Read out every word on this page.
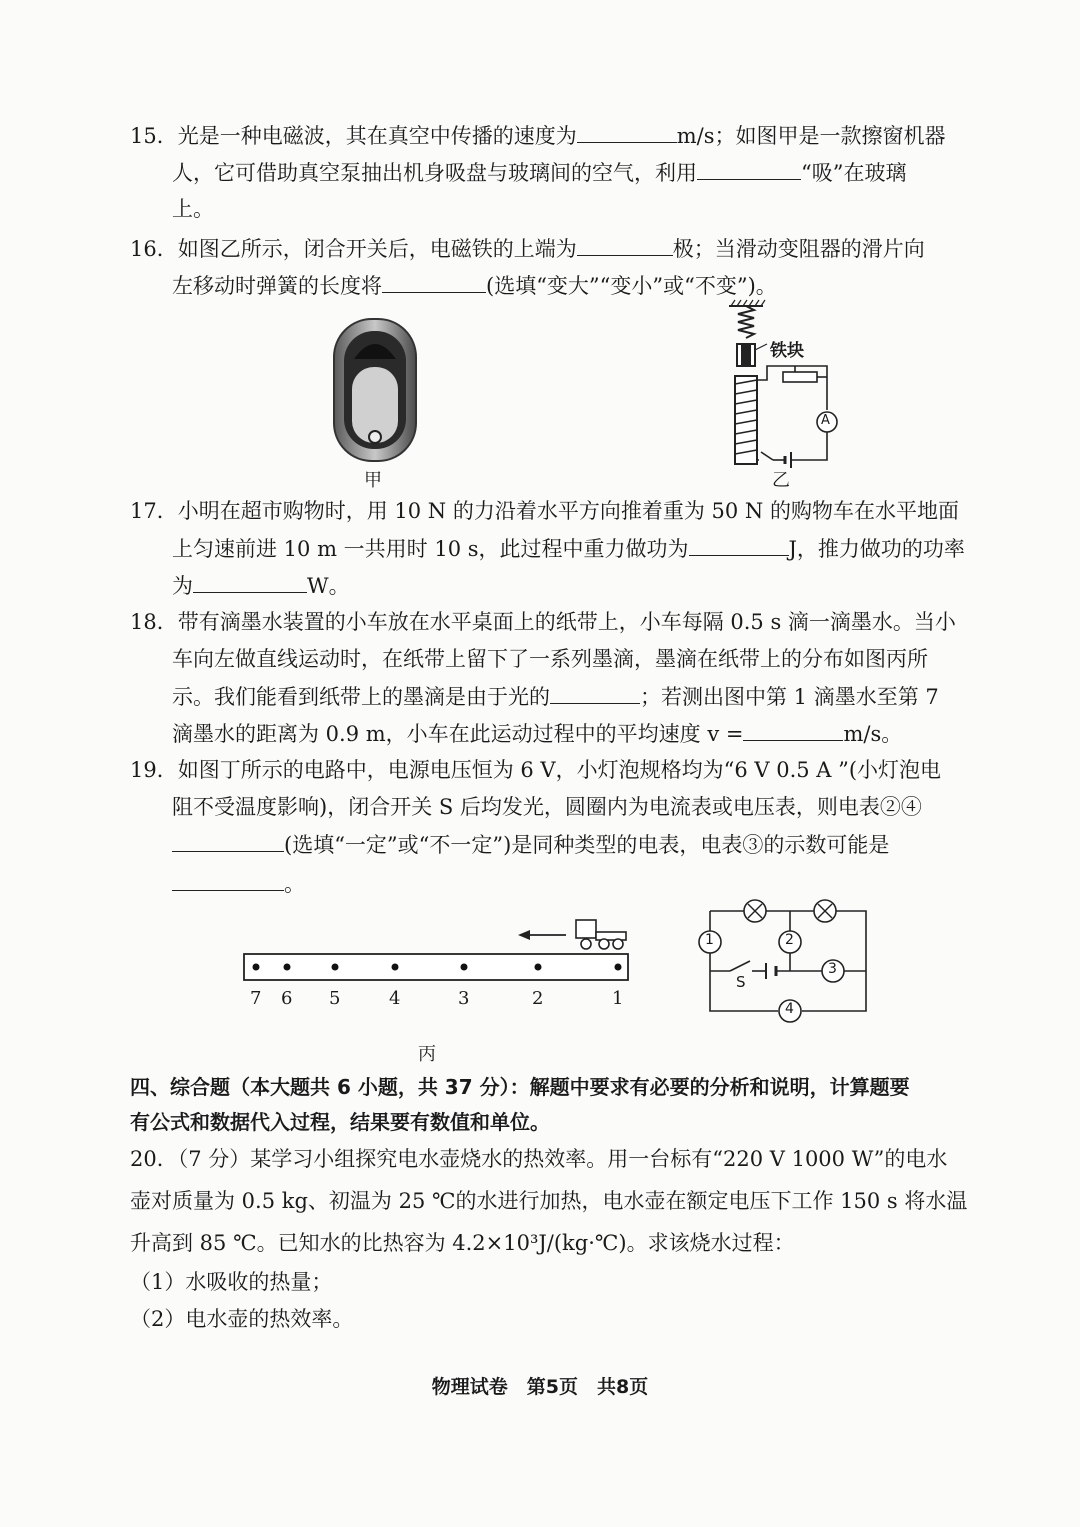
15．光是一种电磁波，其在真空中传播的速度为	m/s；如图甲是一款擦窗机器
人，它可借助真空泵抽出机身吸盘与玻璃间的空气，利用	“吸”在玻璃
上。
16．如图乙所示，闭合开关后，电磁铁的上端为	极；当滑动变阻器的滑片向
左移动时弹簧的长度将	(选填“变大”“变小”或“不变”)。
甲
铁块
A
乙
17．小明在超市购物时，用 10 N 的力沿着水平方向推着重为 50 N 的购物车在水平地面
上匀速前进 10 m 一共用时 10 s，此过程中重力做功为	J，推力做功的功率
为	W。
18．带有滴墨水装置的小车放在水平桌面上的纸带上，小车每隔 0.5 s 滴一滴墨水。当小
车向左做直线运动时，在纸带上留下了一系列墨滴，墨滴在纸带上的分布如图丙所
示。我们能看到纸带上的墨滴是由于光的	；若测出图中第 1 滴墨水至第 7
滴墨水的距离为 0.9 m，小车在此运动过程中的平均速度 v =	m/s。
19．如图丁所示的电路中，电源电压恒为 6 V，小灯泡规格均为“6 V 0.5 A ”(小灯泡电
阻不受温度影响)，闭合开关 S 后均发光，圆圈内为电流表或电压表，则电表②④
(选填“一定”或“不一定”)是同种类型的电表，电表③的示数可能是
。
7 6 5	4	3	2	1
丙
1	2
3
4
S
四、综合题（本大题共 6 小题，共 37 分）：解题中要求有必要的分析和说明，计算题要
有公式和数据代入过程，结果要有数值和单位。
20．（7 分）某学习小组探究电水壶烧水的热效率。用一台标有“220 V 1000 W”的电水
壶对质量为 0.5 kg、初温为 25 ℃的水进行加热，电水壶在额定电压下工作 150 s 将水温
升高到 85 ℃。已知水的比热容为 4.2×10³J/(kg·℃)。求该烧水过程：
（1）水吸收的热量；
（2）电水壶的热效率。
物理试卷　第5页　共8页
